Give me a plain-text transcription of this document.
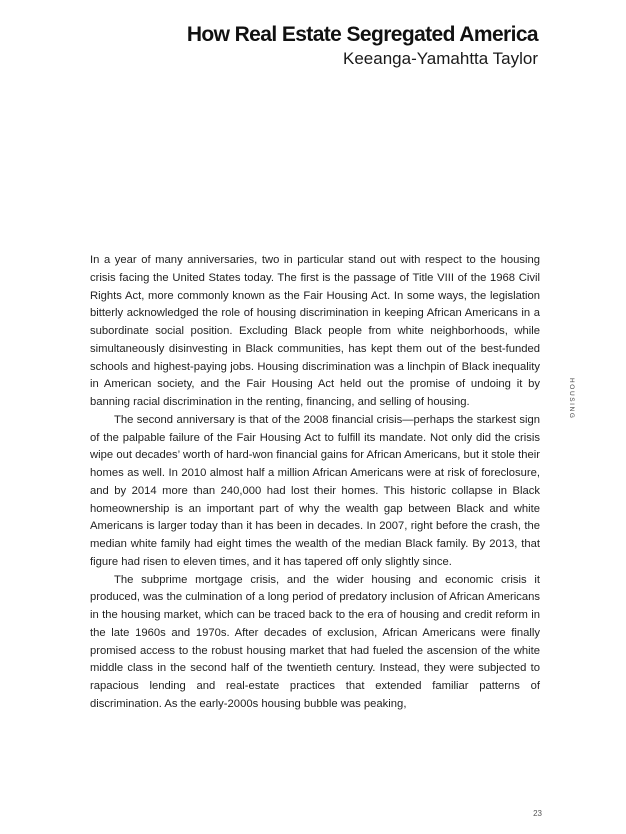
How Real Estate Segregated America
Keeanga-Yamahtta Taylor

In a year of many anniversaries, two in particular stand out with respect to the housing crisis facing the United States today. The first is the passage of Title VIII of the 1968 Civil Rights Act, more commonly known as the Fair Housing Act. In some ways, the legislation bitterly acknowledged the role of housing discrimination in keeping African Americans in a subordinate social position. Excluding Black people from white neighborhoods, while simultaneously disinvesting in Black communities, has kept them out of the best-funded schools and highest-paying jobs. Housing discrimination was a linchpin of Black inequality in American society, and the Fair Housing Act held out the promise of undoing it by banning racial discrimination in the renting, financing, and selling of housing.

The second anniversary is that of the 2008 financial crisis—perhaps the starkest sign of the palpable failure of the Fair Housing Act to fulfill its mandate. Not only did the crisis wipe out decades’ worth of hard-won financial gains for African Americans, but it stole their homes as well. In 2010 almost half a million African Americans were at risk of foreclosure, and by 2014 more than 240,000 had lost their homes. This historic collapse in Black homeownership is an important part of why the wealth gap between Black and white Americans is larger today than it has been in decades. In 2007, right before the crash, the median white family had eight times the wealth of the median Black family. By 2013, that figure had risen to eleven times, and it has tapered off only slightly since.

The subprime mortgage crisis, and the wider housing and economic crisis it produced, was the culmination of a long period of predatory inclusion of African Americans in the housing market, which can be traced back to the era of housing and credit reform in the late 1960s and 1970s. After decades of exclusion, African Americans were finally promised access to the robust housing market that had fueled the ascension of the white middle class in the second half of the twentieth century. Instead, they were subjected to rapacious lending and real-estate practices that extended familiar patterns of discrimination. As the early-2000s housing bubble was peaking,

HOUSING
23
